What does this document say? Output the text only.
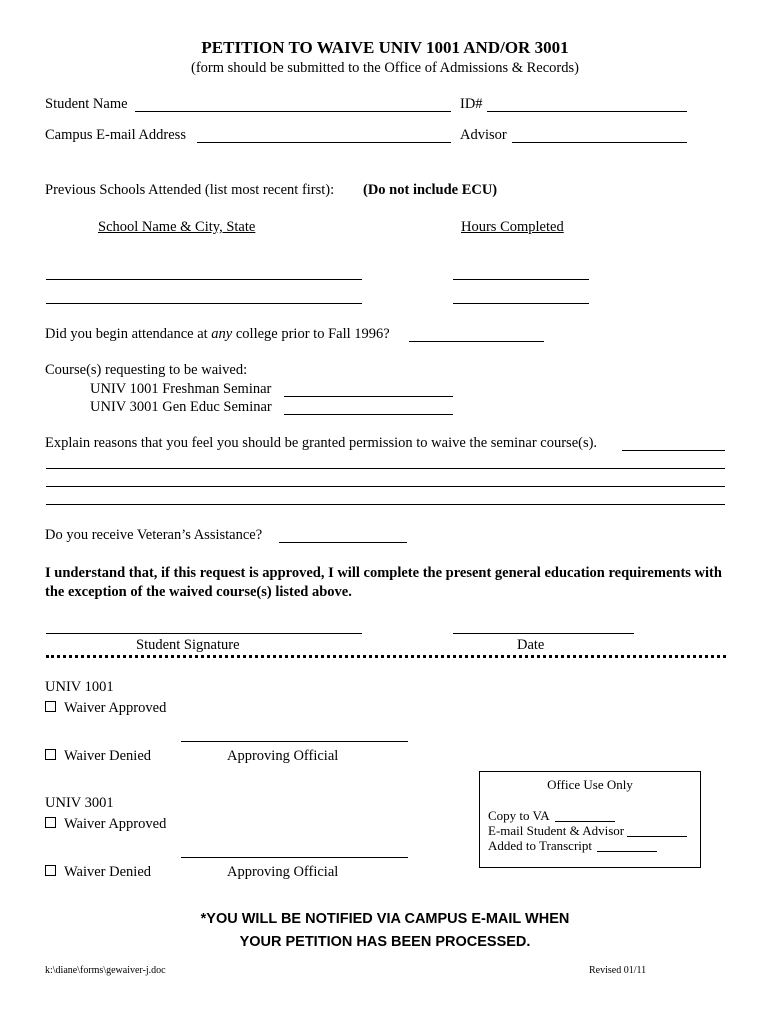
PETITION TO WAIVE UNIV 1001 AND/OR 3001
(form should be submitted to the Office of Admissions & Records)
Student Name	ID#
Campus E-mail Address	Advisor
Previous Schools Attended (list most recent first): (Do not include ECU)
School Name & City, State	Hours Completed
Did you begin attendance at any college prior to Fall 1996?
Course(s) requesting to be waived:
UNIV 1001 Freshman Seminar
UNIV 3001 Gen Educ Seminar
Explain reasons that you feel you should be granted permission to waive the seminar course(s).
Do you receive Veteran’s Assistance?
I understand that, if this request is approved, I will complete the present general education requirements with the exception of the waived course(s) listed above.
Student Signature	Date
UNIV 1001
Waiver Approved
Waiver Denied	Approving Official
UNIV 3001
Waiver Approved
Waiver Denied	Approving Official
Office Use Only
Copy to VA
E-mail Student & Advisor
Added to Transcript
*YOU WILL BE NOTIFIED VIA CAMPUS E-MAIL WHEN
YOUR PETITION HAS BEEN PROCESSED.
k:\diane\forms\gewaiver-j.doc	Revised 01/11
